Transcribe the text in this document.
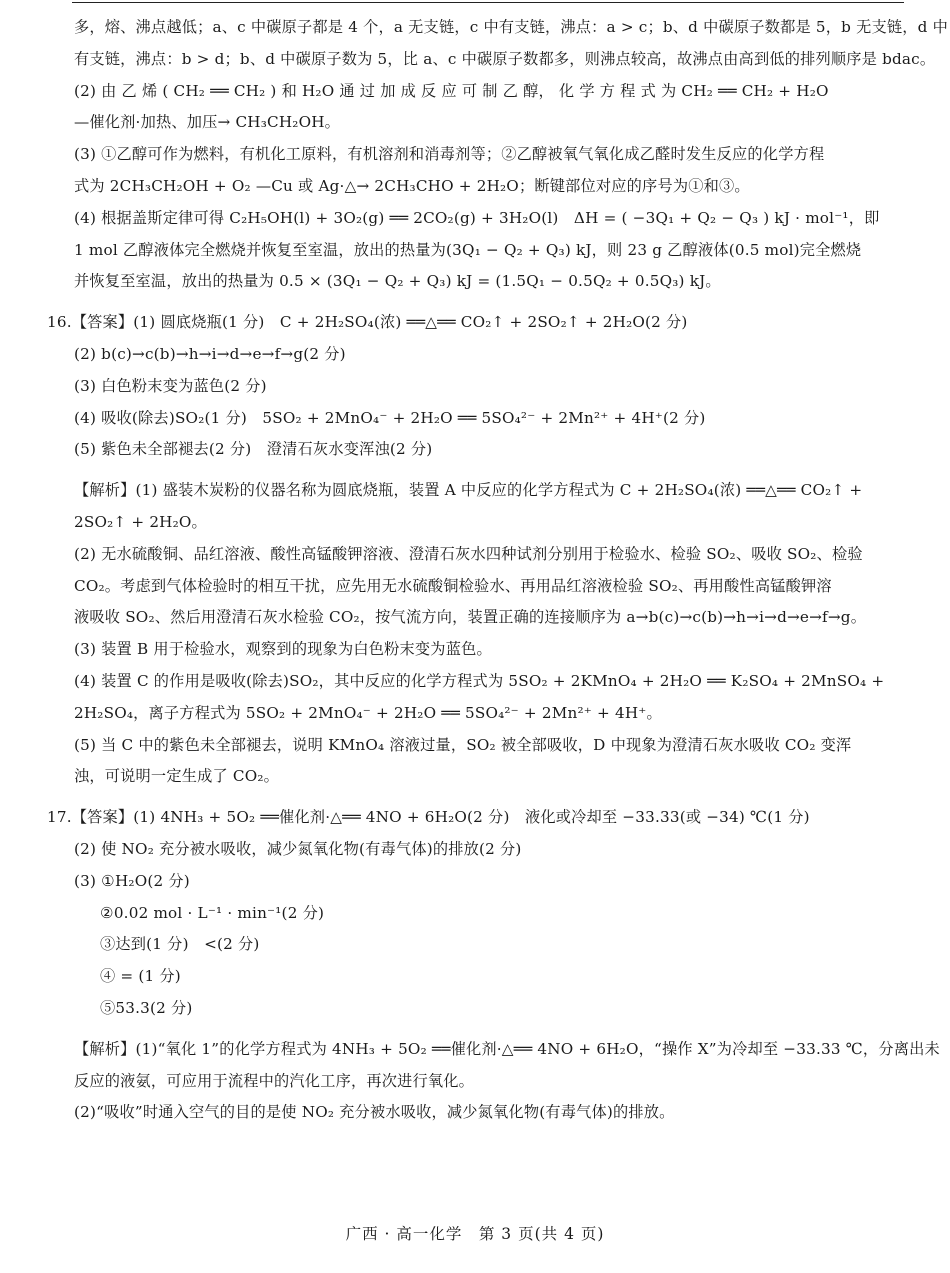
多，熔、沸点越低；a、c 中碳原子都是 4 个，a 无支链，c 中有支链，沸点：a > c；b、d 中碳原子数都是 5，b 无支链，d 中
有支链，沸点：b > d；b、d 中碳原子数为 5，比 a、c 中碳原子数都多，则沸点较高，故沸点由高到低的排列顺序是 bdac。
(2) 由 乙 烯 ( CH₂ ══ CH₂ ) 和 H₂O 通 过 加 成 反 应 可 制 乙 醇， 化 学 方 程 式 为 CH₂ ══ CH₂ + H₂O
—催化剂·加热、加压→ CH₃CH₂OH。
(3) ①乙醇可作为燃料，有机化工原料，有机溶剂和消毒剂等；②乙醇被氧气氧化成乙醛时发生反应的化学方程
式为 2CH₃CH₂OH + O₂ —Cu 或 Ag·△→ 2CH₃CHO + 2H₂O；断键部位对应的序号为①和③。
(4) 根据盖斯定律可得 C₂H₅OH(l) + 3O₂(g) ══ 2CO₂(g) + 3H₂O(l)　ΔH = ( −3Q₁ + Q₂ − Q₃ ) kJ · mol⁻¹，即
1 mol 乙醇液体完全燃烧并恢复至室温，放出的热量为(3Q₁ − Q₂ + Q₃) kJ，则 23 g 乙醇液体(0.5 mol)完全燃烧
并恢复至室温，放出的热量为 0.5 × (3Q₁ − Q₂ + Q₃) kJ = (1.5Q₁ − 0.5Q₂ + 0.5Q₃) kJ。
16.【答案】(1) 圆底烧瓶(1 分)　C + 2H₂SO₄(浓) ══△══ CO₂↑ + 2SO₂↑ + 2H₂O(2 分)
(2) b(c)→c(b)→h→i→d→e→f→g(2 分)
(3) 白色粉末变为蓝色(2 分)
(4) 吸收(除去)SO₂(1 分)　5SO₂ + 2MnO₄⁻ + 2H₂O ══ 5SO₄²⁻ + 2Mn²⁺ + 4H⁺(2 分)
(5) 紫色未全部褪去(2 分)　澄清石灰水变浑浊(2 分)
【解析】(1) 盛装木炭粉的仪器名称为圆底烧瓶，装置 A 中反应的化学方程式为 C + 2H₂SO₄(浓) ══△══ CO₂↑ +
2SO₂↑ + 2H₂O。
(2) 无水硫酸铜、品红溶液、酸性高锰酸钾溶液、澄清石灰水四种试剂分别用于检验水、检验 SO₂、吸收 SO₂、检验
CO₂。考虑到气体检验时的相互干扰，应先用无水硫酸铜检验水、再用品红溶液检验 SO₂、再用酸性高锰酸钾溶
液吸收 SO₂、然后用澄清石灰水检验 CO₂，按气流方向，装置正确的连接顺序为 a→b(c)→c(b)→h→i→d→e→f→g。
(3) 装置 B 用于检验水，观察到的现象为白色粉末变为蓝色。
(4) 装置 C 的作用是吸收(除去)SO₂，其中反应的化学方程式为 5SO₂ + 2KMnO₄ + 2H₂O ══ K₂SO₄ + 2MnSO₄ +
2H₂SO₄，离子方程式为 5SO₂ + 2MnO₄⁻ + 2H₂O ══ 5SO₄²⁻ + 2Mn²⁺ + 4H⁺。
(5) 当 C 中的紫色未全部褪去，说明 KMnO₄ 溶液过量，SO₂ 被全部吸收，D 中现象为澄清石灰水吸收 CO₂ 变浑
浊，可说明一定生成了 CO₂。
17.【答案】(1) 4NH₃ + 5O₂ ══催化剂·△══ 4NO + 6H₂O(2 分)　液化或冷却至 −33.33(或 −34) ℃(1 分)
(2) 使 NO₂ 充分被水吸收，减少氮氧化物(有毒气体)的排放(2 分)
(3) ①H₂O(2 分)
②0.02 mol · L⁻¹ · min⁻¹(2 分)
③达到(1 分)　<(2 分)
④ = (1 分)
⑤53.3(2 分)
【解析】(1)“氧化 1”的化学方程式为 4NH₃ + 5O₂ ══催化剂·△══ 4NO + 6H₂O，“操作 X”为冷却至 −33.33 ℃，分离出未
反应的液氨，可应用于流程中的汽化工序，再次进行氧化。
(2)“吸收”时通入空气的目的是使 NO₂ 充分被水吸收，减少氮氧化物(有毒气体)的排放。
广西 · 高一化学　第 3 页(共 4 页)
